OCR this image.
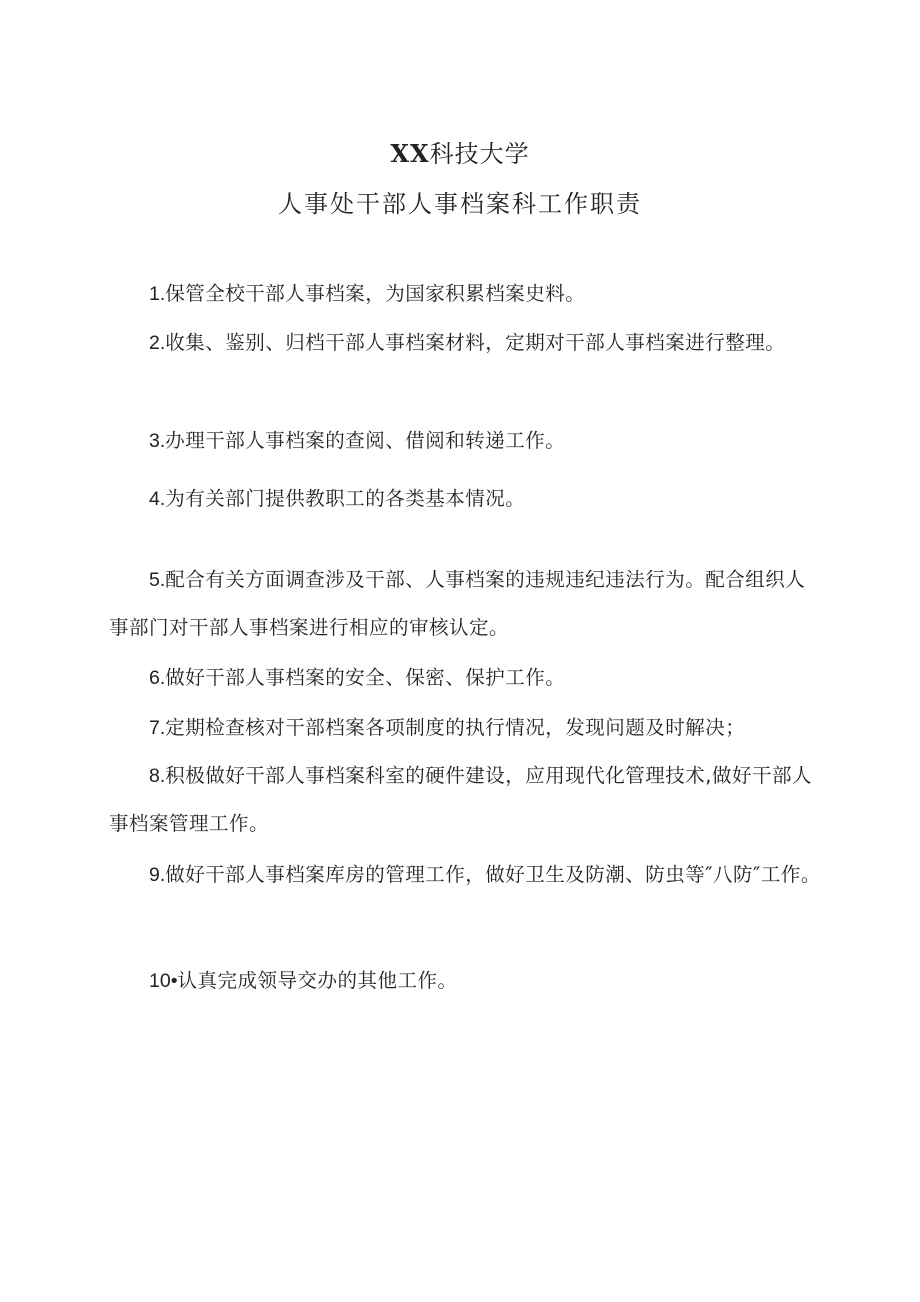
XX科技大学
人事处干部人事档案科工作职责
1.保管全校干部人事档案，为国家积累档案史料。
2.收集、鉴别、归档干部人事档案材料，定期对干部人事档案进行整理。
3.办理干部人事档案的查阅、借阅和转递工作。
4.为有关部门提供教职工的各类基本情况。
5.配合有关方面调查涉及干部、人事档案的违规违纪违法行为。配合组织人事部门对干部人事档案进行相应的审核认定。
6.做好干部人事档案的安全、保密、保护工作。
7.定期检查核对干部档案各项制度的执行情况，发现问题及时解决；
8.积极做好干部人事档案科室的硬件建设，应用现代化管理技术,做好干部人事档案管理工作。
9.做好干部人事档案库房的管理工作，做好卫生及防潮、防虫等″八防″工作。
10•认真完成领导交办的其他工作。
